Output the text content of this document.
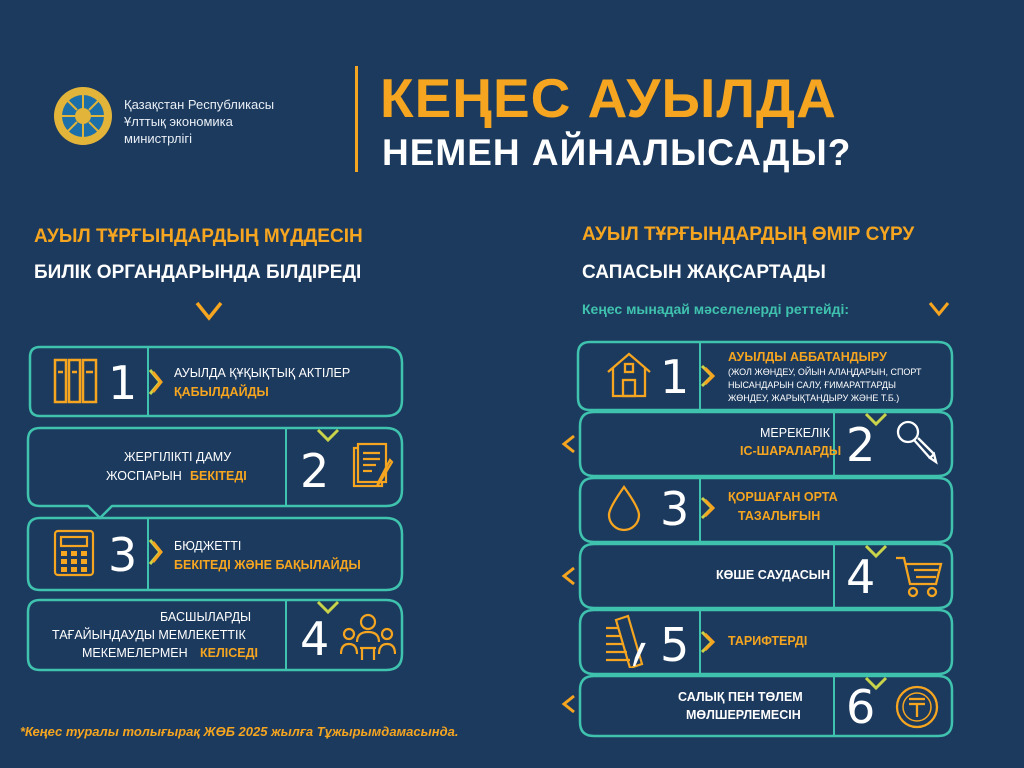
Қазақстан Республикасы
Ұлттық экономика
министрлігі
КЕҢЕС АУЫЛДА
НЕМЕН АЙНАЛЫСАДЫ?
АУЫЛ ТҰРҒЫНДАРДЫҢ МҮДДЕСІН
БИЛІК ОРГАНДАРЫНДА БІЛДІРЕДІ
1	АУЫЛДА ҚҰҚЫҚТЫҚ АКТІЛЕР
ҚАБЫЛДАЙДЫ
ЖЕРГІЛІКТІ ДАМУ
ЖОСПАРЫН БЕКІТЕДІ 2
3	БЮДЖЕТТІ
БЕКІТЕДІ ЖӘНЕ БАҚЫЛАЙДЫ
БАСШЫЛАРДЫ
ТАҒАЙЫНДАУДЫ МЕМЛЕКЕТТІК
МЕКЕМЕЛЕРМЕН КЕЛІСЕДІ 4
АУЫЛ ТҰРҒЫНДАРДЫҢ ӨМІР СҮРУ
САПАСЫН ЖАҚСАРТАДЫ
Кеңес мынадай мәселелерді реттейді:
1	АУЫЛДЫ АББАТАНДЫРУ
(ЖОЛ ЖӨНДЕУ, ОЙЫН АЛАҢДАРЫН, СПОРТ
НЫСАНДАРЫН САЛУ, ҒИМАРАТТАРДЫ
ЖӨНДЕУ, ЖАРЫҚТАНДЫРУ ЖӘНЕ Т.Б.)
МЕРЕКЕЛІК
ІС-ШАРАЛАРДЫ 2
3	ҚОРШАҒАН ОРТА
ТАЗАЛЫҒЫН
КӨШЕ САУДАСЫН 4
5	ТАРИФТЕРДІ
САЛЫҚ ПЕН ТӨЛЕМ
МӨЛШЕРЛЕМЕСІН 6
*Кеңес туралы толығырақ ЖӨБ 2025 жылға Тұжырымдамасында.
